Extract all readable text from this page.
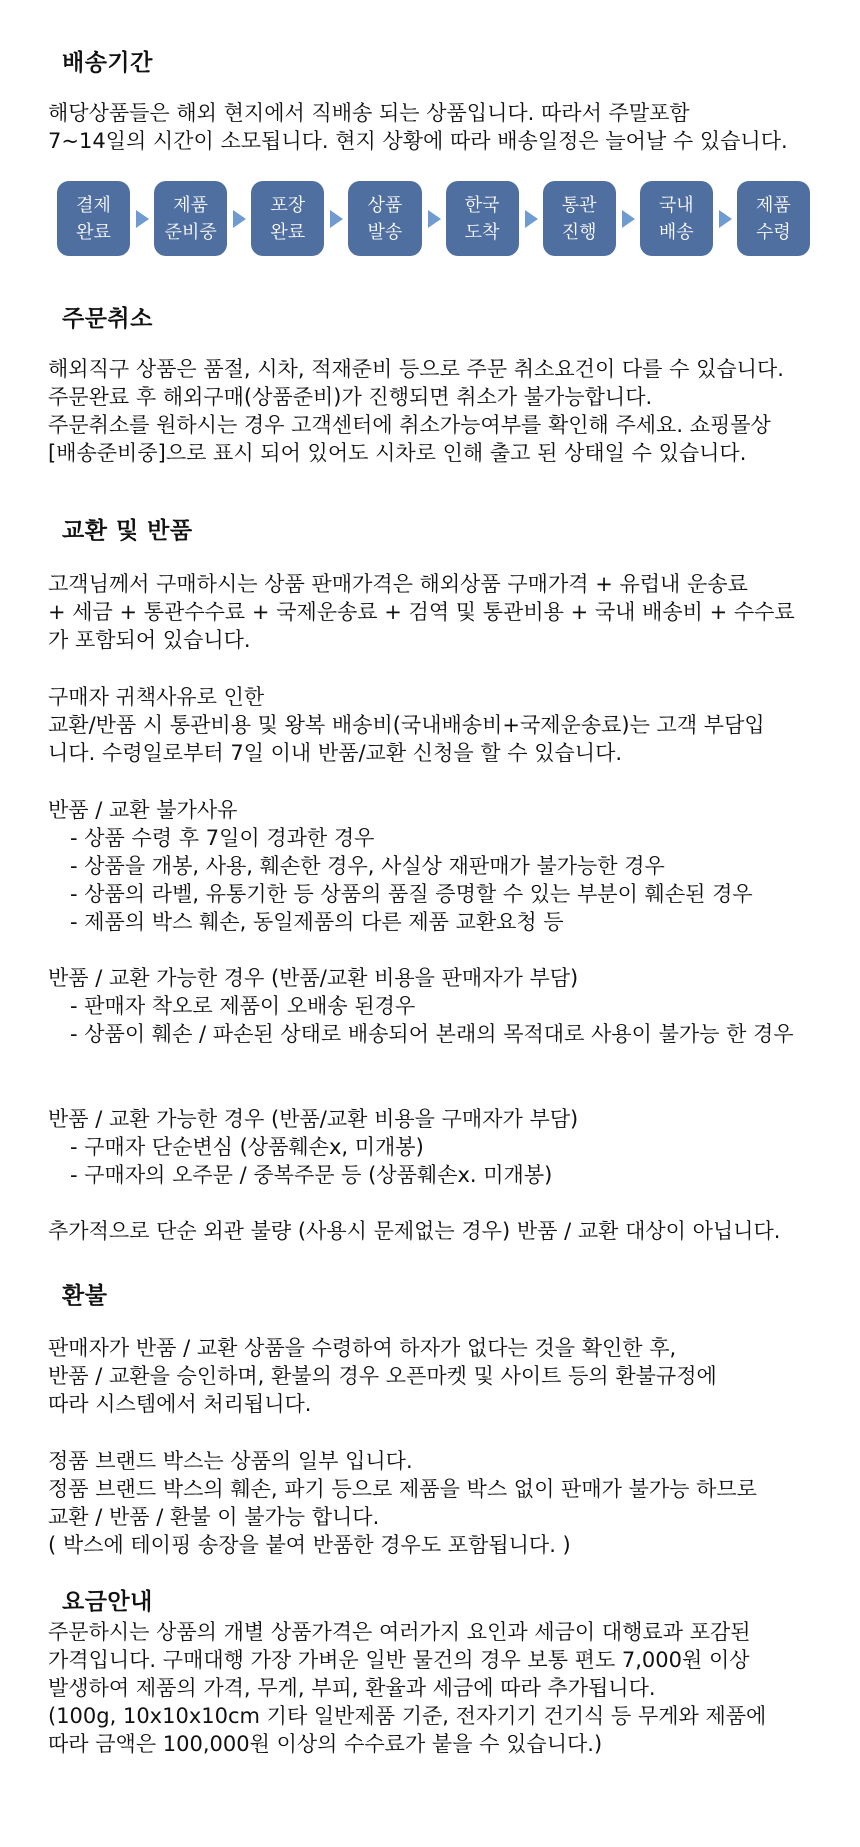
배송기간
해당상품들은 해외 현지에서 직배송 되는 상품입니다. 따라서 주말포함
7~14일의 시간이 소모됩니다. 현지 상황에 따라 배송일정은 늘어날 수 있습니다.
결제
완료
제품
준비중
포장
완료
상품
발송
한국
도착
통관
진행
국내
배송
제품
수령
주문취소
해외직구 상품은 품절, 시차, 적재준비 등으로 주문 취소요건이 다를 수 있습니다.
주문완료 후 해외구매(상품준비)가 진행되면 취소가 불가능합니다.
주문취소를 원하시는 경우 고객센터에 취소가능여부를 확인해 주세요. 쇼핑몰상
[배송준비중]으로 표시 되어 있어도 시차로 인해 출고 된 상태일 수 있습니다.
교환 및 반품
고객님께서 구매하시는 상품 판매가격은 해외상품 구매가격 + 유럽내 운송료
+ 세금 + 통관수수료 + 국제운송료 + 검역 및 통관비용 + 국내 배송비 + 수수료
가 포함되어 있습니다.
구매자 귀책사유로 인한
교환/반품 시 통관비용 및 왕복 배송비(국내배송비+국제운송료)는 고객 부담입
니다. 수령일로부터 7일 이내 반품/교환 신청을 할 수 있습니다.
반품 / 교환 불가사유
- 상품 수령 후 7일이 경과한 경우
- 상품을 개봉, 사용, 훼손한 경우, 사실상 재판매가 불가능한 경우
- 상품의 라벨, 유통기한 등 상품의 품질 증명할 수 있는 부분이 훼손된 경우
- 제품의 박스 훼손, 동일제품의 다른 제품 교환요청 등
반품 / 교환 가능한 경우 (반품/교환 비용을 판매자가 부담)
- 판매자 착오로 제품이 오배송 된경우
- 상품이 훼손 / 파손된 상태로 배송되어 본래의 목적대로 사용이 불가능 한 경우
반품 / 교환 가능한 경우 (반품/교환 비용을 구매자가 부담)
- 구매자 단순변심 (상품훼손x, 미개봉)
- 구매자의 오주문 / 중복주문 등 (상품훼손x. 미개봉)
추가적으로 단순 외관 불량 (사용시 문제없는 경우) 반품 / 교환 대상이 아닙니다.
환불
판매자가 반품 / 교환 상품을 수령하여 하자가 없다는 것을 확인한 후,
반품 / 교환을 승인하며, 환불의 경우 오픈마켓 및 사이트 등의 환불규정에
따라 시스템에서 처리됩니다.
정품 브랜드 박스는 상품의 일부 입니다.
정품 브랜드 박스의 훼손, 파기 등으로 제품을 박스 없이 판매가 불가능 하므로
교환 / 반품 / 환불 이 불가능 합니다.
( 박스에 테이핑 송장을 붙여 반품한 경우도 포함됩니다. )
요금안내
주문하시는 상품의 개별 상품가격은 여러가지 요인과 세금이 대행료과 포감된
가격입니다. 구매대행 가장 가벼운 일반 물건의 경우 보통 편도 7,000원 이상
발생하여 제품의 가격, 무게, 부피, 환율과 세금에 따라 추가됩니다.
(100g, 10x10x10cm 기타 일반제품 기준, 전자기기 건기식 등 무게와 제품에
따라 금액은 100,000원 이상의 수수료가 붙을 수 있습니다.)
